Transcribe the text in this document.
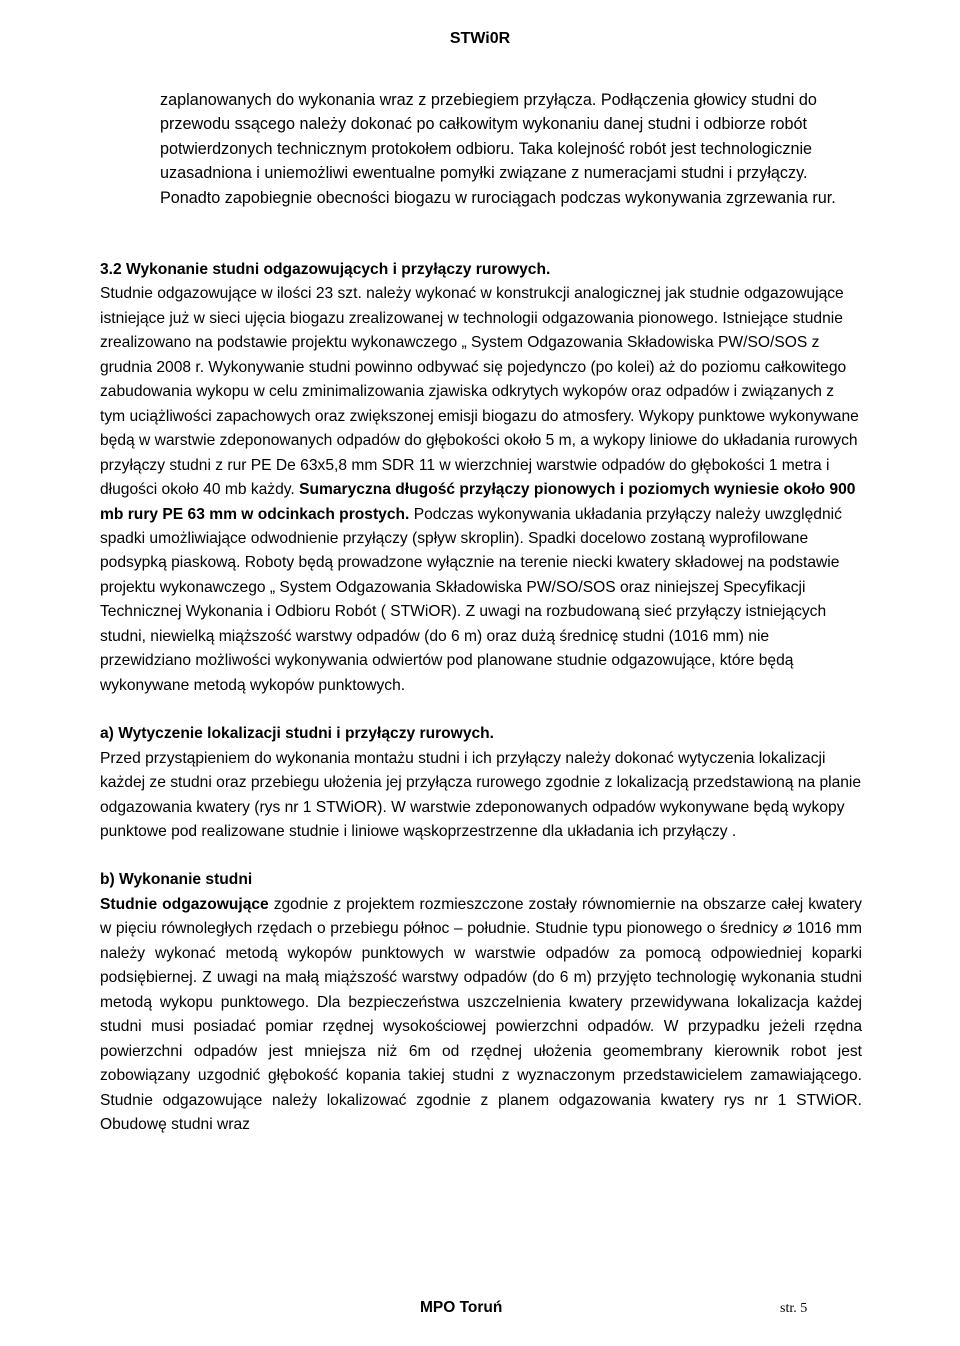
STWi0R

zaplanowanych do wykonania wraz z przebiegiem przyłącza. Podłączenia głowicy studni do przewodu ssącego należy dokonać po całkowitym wykonaniu danej studni i odbiorze robót potwierdzonych technicznym protokołem odbioru. Taka kolejność robót jest technologicznie uzasadniona i uniemożliwi ewentualne pomyłki związane z numeracjami studni i przyłączy. Ponadto zapobiegnie obecności biogazu w rurociągach podczas wykonywania zgrzewania rur.

3.2 Wykonanie studni odgazowujących i przyłączy rurowych.

Studnie odgazowujące w ilości 23 szt. należy wykonać w konstrukcji analogicznej jak studnie odgazowujące istniejące już w sieci ujęcia biogazu zrealizowanej w technologii odgazowania pionowego. Istniejące studnie zrealizowano na podstawie projektu wykonawczego „ System Odgazowania Składowiska PW/SO/SOS z grudnia 2008 r. Wykonywanie studni powinno odbywać się pojedynczo (po kolei) aż do poziomu całkowitego zabudowania wykopu w celu zminimalizowania zjawiska odkrytych wykopów oraz odpadów i związanych z tym uciążliwości zapachowych oraz zwiększonej emisji biogazu do atmosfery. Wykopy punktowe wykonywane będą w warstwie zdeponowanych odpadów do głębokości około 5 m, a wykopy liniowe do układania rurowych przyłączy studni z rur PE De 63x5,8 mm SDR 11 w wierzchniej warstwie odpadów do głębokości 1 metra i długości około 40 mb każdy. Sumaryczna długość przyłączy pionowych i poziomych wyniesie około 900 mb rury PE 63 mm w odcinkach prostych. Podczas wykonywania układania przyłączy należy uwzględnić spadki umożliwiające odwodnienie przyłączy (spływ skroplin). Spadki docelowo zostaną wyprofilowane podsypką piaskową. Roboty będą prowadzone wyłącznie na terenie niecki kwatery składowej na podstawie projektu wykonawczego „ System Odgazowania Składowiska PW/SO/SOS oraz niniejszej Specyfikacji Technicznej Wykonania i Odbioru Robót ( STWiOR). Z uwagi na rozbudowaną sieć przyłączy istniejących studni, niewielką miąższość warstwy odpadów (do 6 m) oraz dużą średnicę studni (1016 mm) nie przewidziano możliwości wykonywania odwiertów pod planowane studnie odgazowujące, które będą wykonywane metodą wykopów punktowych.

a) Wytyczenie lokalizacji studni i przyłączy rurowych.

Przed przystąpieniem do wykonania montażu studni i ich przyłączy należy dokonać wytyczenia lokalizacji każdej ze studni oraz przebiegu ułożenia jej przyłącza rurowego zgodnie z lokalizacją przedstawioną na planie odgazowania kwatery (rys nr 1 STWiOR). W warstwie zdeponowanych odpadów wykonywane będą wykopy punktowe pod realizowane studnie i liniowe wąskoprzestrzenne dla układania ich przyłączy .

b) Wykonanie studni

Studnie odgazowujące zgodnie z projektem rozmieszczone zostały równomiernie na obszarze całej kwatery w pięciu równoległych rzędach o przebiegu północ – południe. Studnie typu pionowego o średnicy ⌀ 1016 mm należy wykonać metodą wykopów punktowych w warstwie odpadów za pomocą odpowiedniej koparki podsiębiernej. Z uwagi na małą miąższość warstwy odpadów (do 6 m) przyjęto technologię wykonania studni metodą wykopu punktowego. Dla bezpieczeństwa uszczelnienia kwatery przewidywana lokalizacja każdej studni musi posiadać pomiar rzędnej wysokościowej powierzchni odpadów. W przypadku jeżeli rzędna powierzchni odpadów jest mniejsza niż 6m od rzędnej ułożenia geomembrany kierownik robot jest zobowiązany uzgodnić głębokość kopania takiej studni z wyznaczonym przedstawicielem zamawiającego. Studnie odgazowujące należy lokalizować zgodnie z planem odgazowania kwatery rys nr 1 STWiOR. Obudowę studni wraz

MPO Toruń	str. 5
